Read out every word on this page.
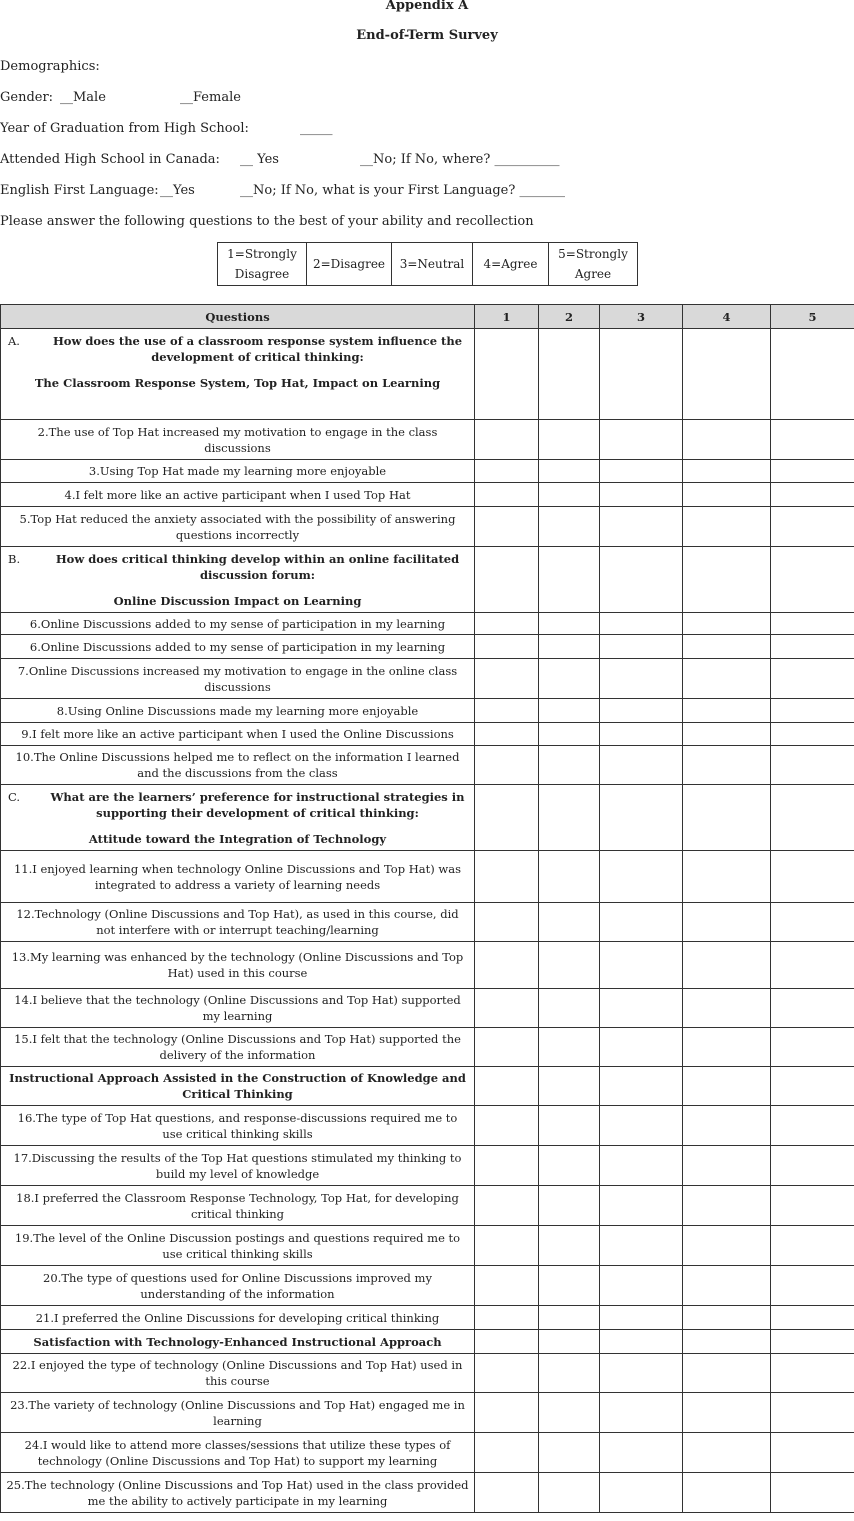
Appendix A
End-of-Term Survey
Demographics:
Gender: __Male	__Female
Year of Graduation from High School:	_____
Attended High School in Canada: __ Yes	__No; If No, where? __________
English First Language: __Yes	__No; If No, what is your First Language? _______
Please answer the following questions to the best of your ability and recollection
1=Strongly Disagree	2=Disagree	3=Neutral	4=Agree	5=Strongly Agree
Questions	1	2	3	4	5

A. How does the use of a classroom response system influence the development of critical thinking:
The Classroom Response System, Top Hat, Impact on Learning					

2.The use of Top Hat increased my motivation to engage in the class discussions					
3.Using Top Hat made my learning more enjoyable					
4.I felt more like an active participant when I used Top Hat					
5.Top Hat reduced the anxiety associated with the possibility of answering questions incorrectly					

B. How does critical thinking develop within an online facilitated discussion forum:
Online Discussion Impact on Learning					

6.Online Discussions added to my sense of participation in my learning					
6.Online Discussions added to my sense of participation in my learning					
7.Online Discussions increased my motivation to engage in the online class discussions					
8.Using Online Discussions made my learning more enjoyable					
9.I felt more like an active participant when I used the Online Discussions					
10.The Online Discussions helped me to reflect on the information I learned and the discussions from the class					

C. What are the learners’ preference for instructional strategies in supporting their development of critical thinking:
Attitude toward the Integration of Technology					

11.I enjoyed learning when technology Online Discussions and Top Hat) was integrated to address a variety of learning needs					
12.Technology (Online Discussions and Top Hat), as used in this course, did not interfere with or interrupt teaching/learning					
13.My learning was enhanced by the technology (Online Discussions and Top Hat) used in this course					
14.I believe that the technology (Online Discussions and Top Hat) supported my learning					
15.I felt that the technology (Online Discussions and Top Hat) supported the delivery of the information					
Instructional Approach Assisted in the Construction of Knowledge and Critical Thinking					
16.The type of Top Hat questions, and response-discussions required me to use critical thinking skills					
17.Discussing the results of the Top Hat questions stimulated my thinking to build my level of knowledge					
18.I preferred the Classroom Response Technology, Top Hat, for developing critical thinking					
19.The level of the Online Discussion postings and questions required me to use critical thinking skills					
20.The type of questions used for Online Discussions improved my understanding of the information					
21.I preferred the Online Discussions for developing critical thinking					
Satisfaction with Technology-Enhanced Instructional Approach					
22.I enjoyed the type of technology (Online Discussions and Top Hat) used in this course					
23.The variety of technology (Online Discussions and Top Hat) engaged me in learning					
24.I would like to attend more classes/sessions that utilize these types of technology (Online Discussions and Top Hat) to support my learning					
25.The technology (Online Discussions and Top Hat) used in the class provided me the ability to actively participate in my learning					
